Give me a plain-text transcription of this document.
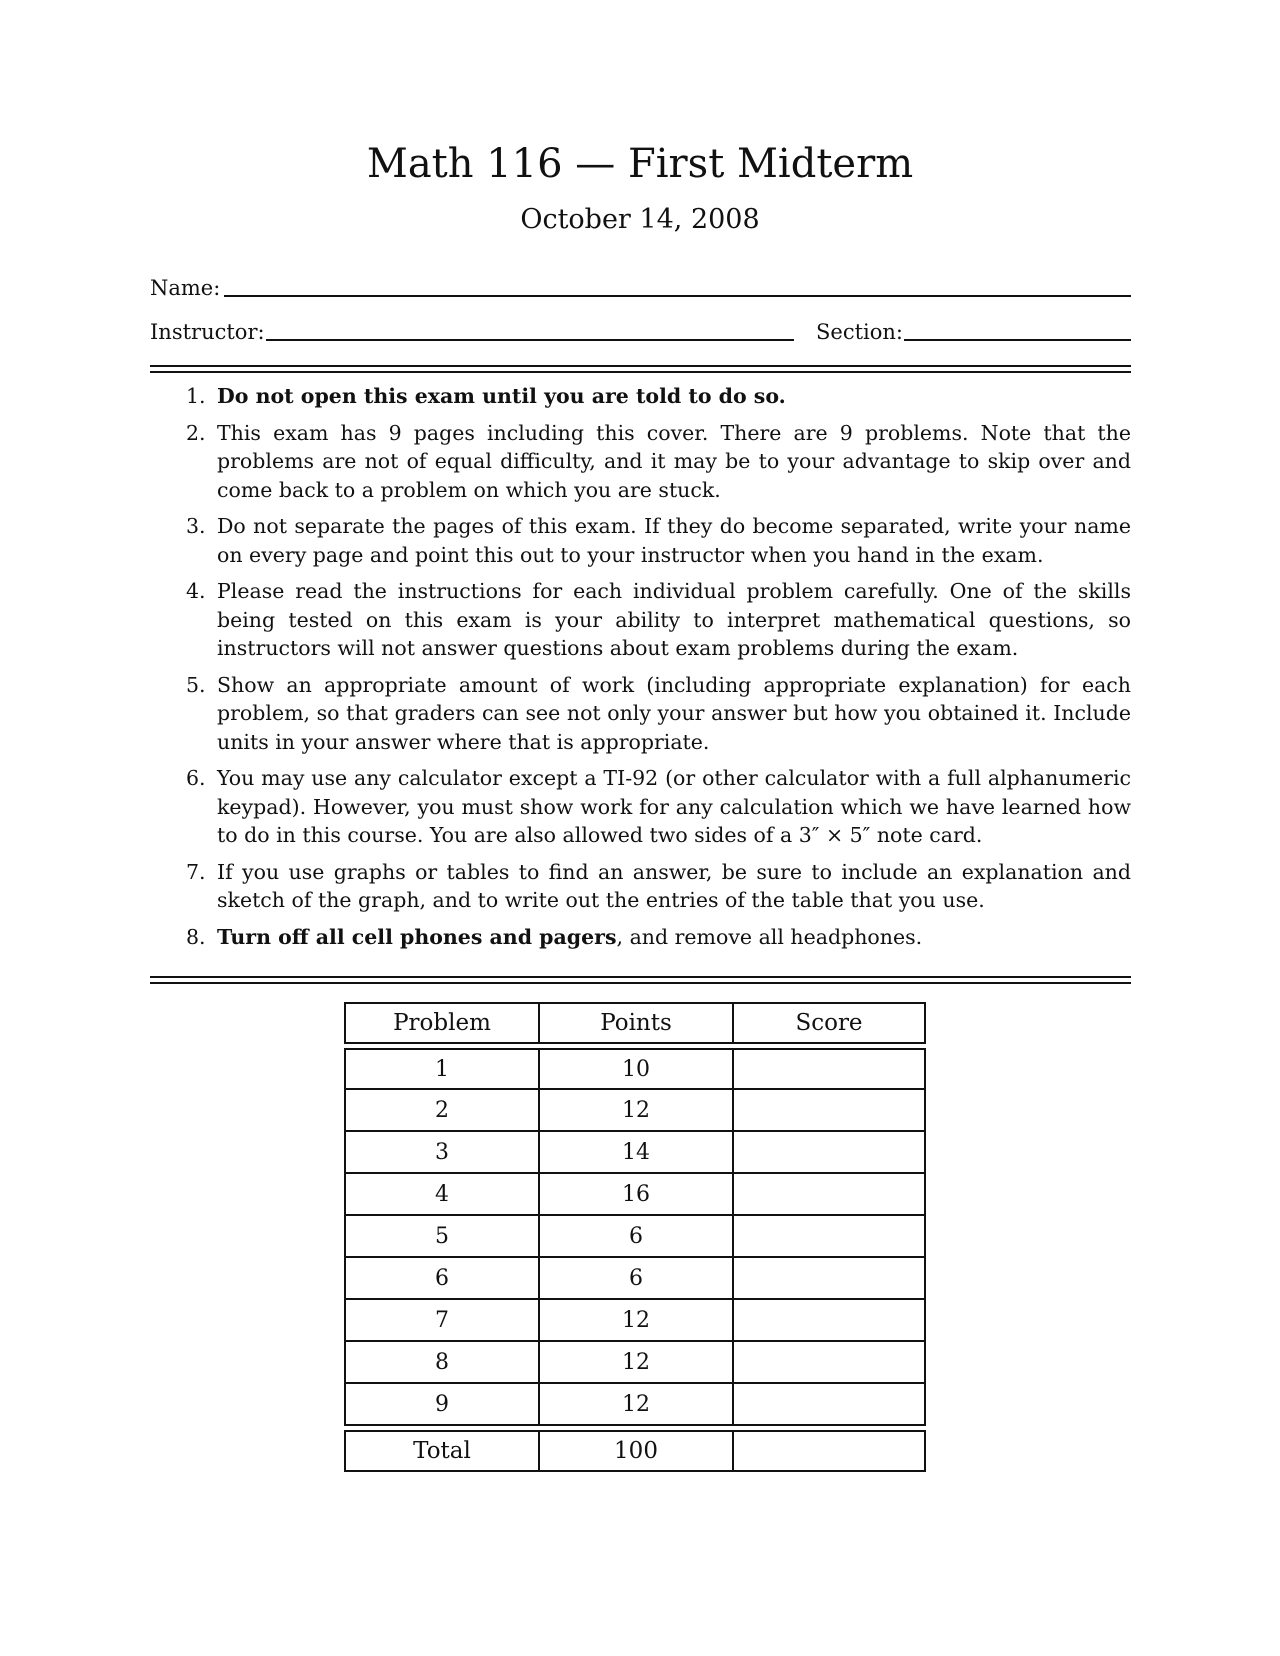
Math 116 — First Midterm
October 14, 2008
Name:
Instructor:	Section:
1. Do not open this exam until you are told to do so.
2. This exam has 9 pages including this cover. There are 9 problems. Note that the problems are not of equal difficulty, and it may be to your advantage to skip over and come back to a problem on which you are stuck.
3. Do not separate the pages of this exam. If they do become separated, write your name on every page and point this out to your instructor when you hand in the exam.
4. Please read the instructions for each individual problem carefully. One of the skills being tested on this exam is your ability to interpret mathematical questions, so instructors will not answer questions about exam problems during the exam.
5. Show an appropriate amount of work (including appropriate explanation) for each problem, so that graders can see not only your answer but how you obtained it. Include units in your answer where that is appropriate.
6. You may use any calculator except a TI-92 (or other calculator with a full alphanumeric keypad). However, you must show work for any calculation which we have learned how to do in this course. You are also allowed two sides of a 3″ × 5″ note card.
7. If you use graphs or tables to find an answer, be sure to include an explanation and sketch of the graph, and to write out the entries of the table that you use.
8. Turn off all cell phones and pagers, and remove all headphones.
Problem	Points	Score

1	10	
2	12	
3	14	
4	16	
5	6	
6	6	
7	12	
8	12	
9	12	

Total	100	
